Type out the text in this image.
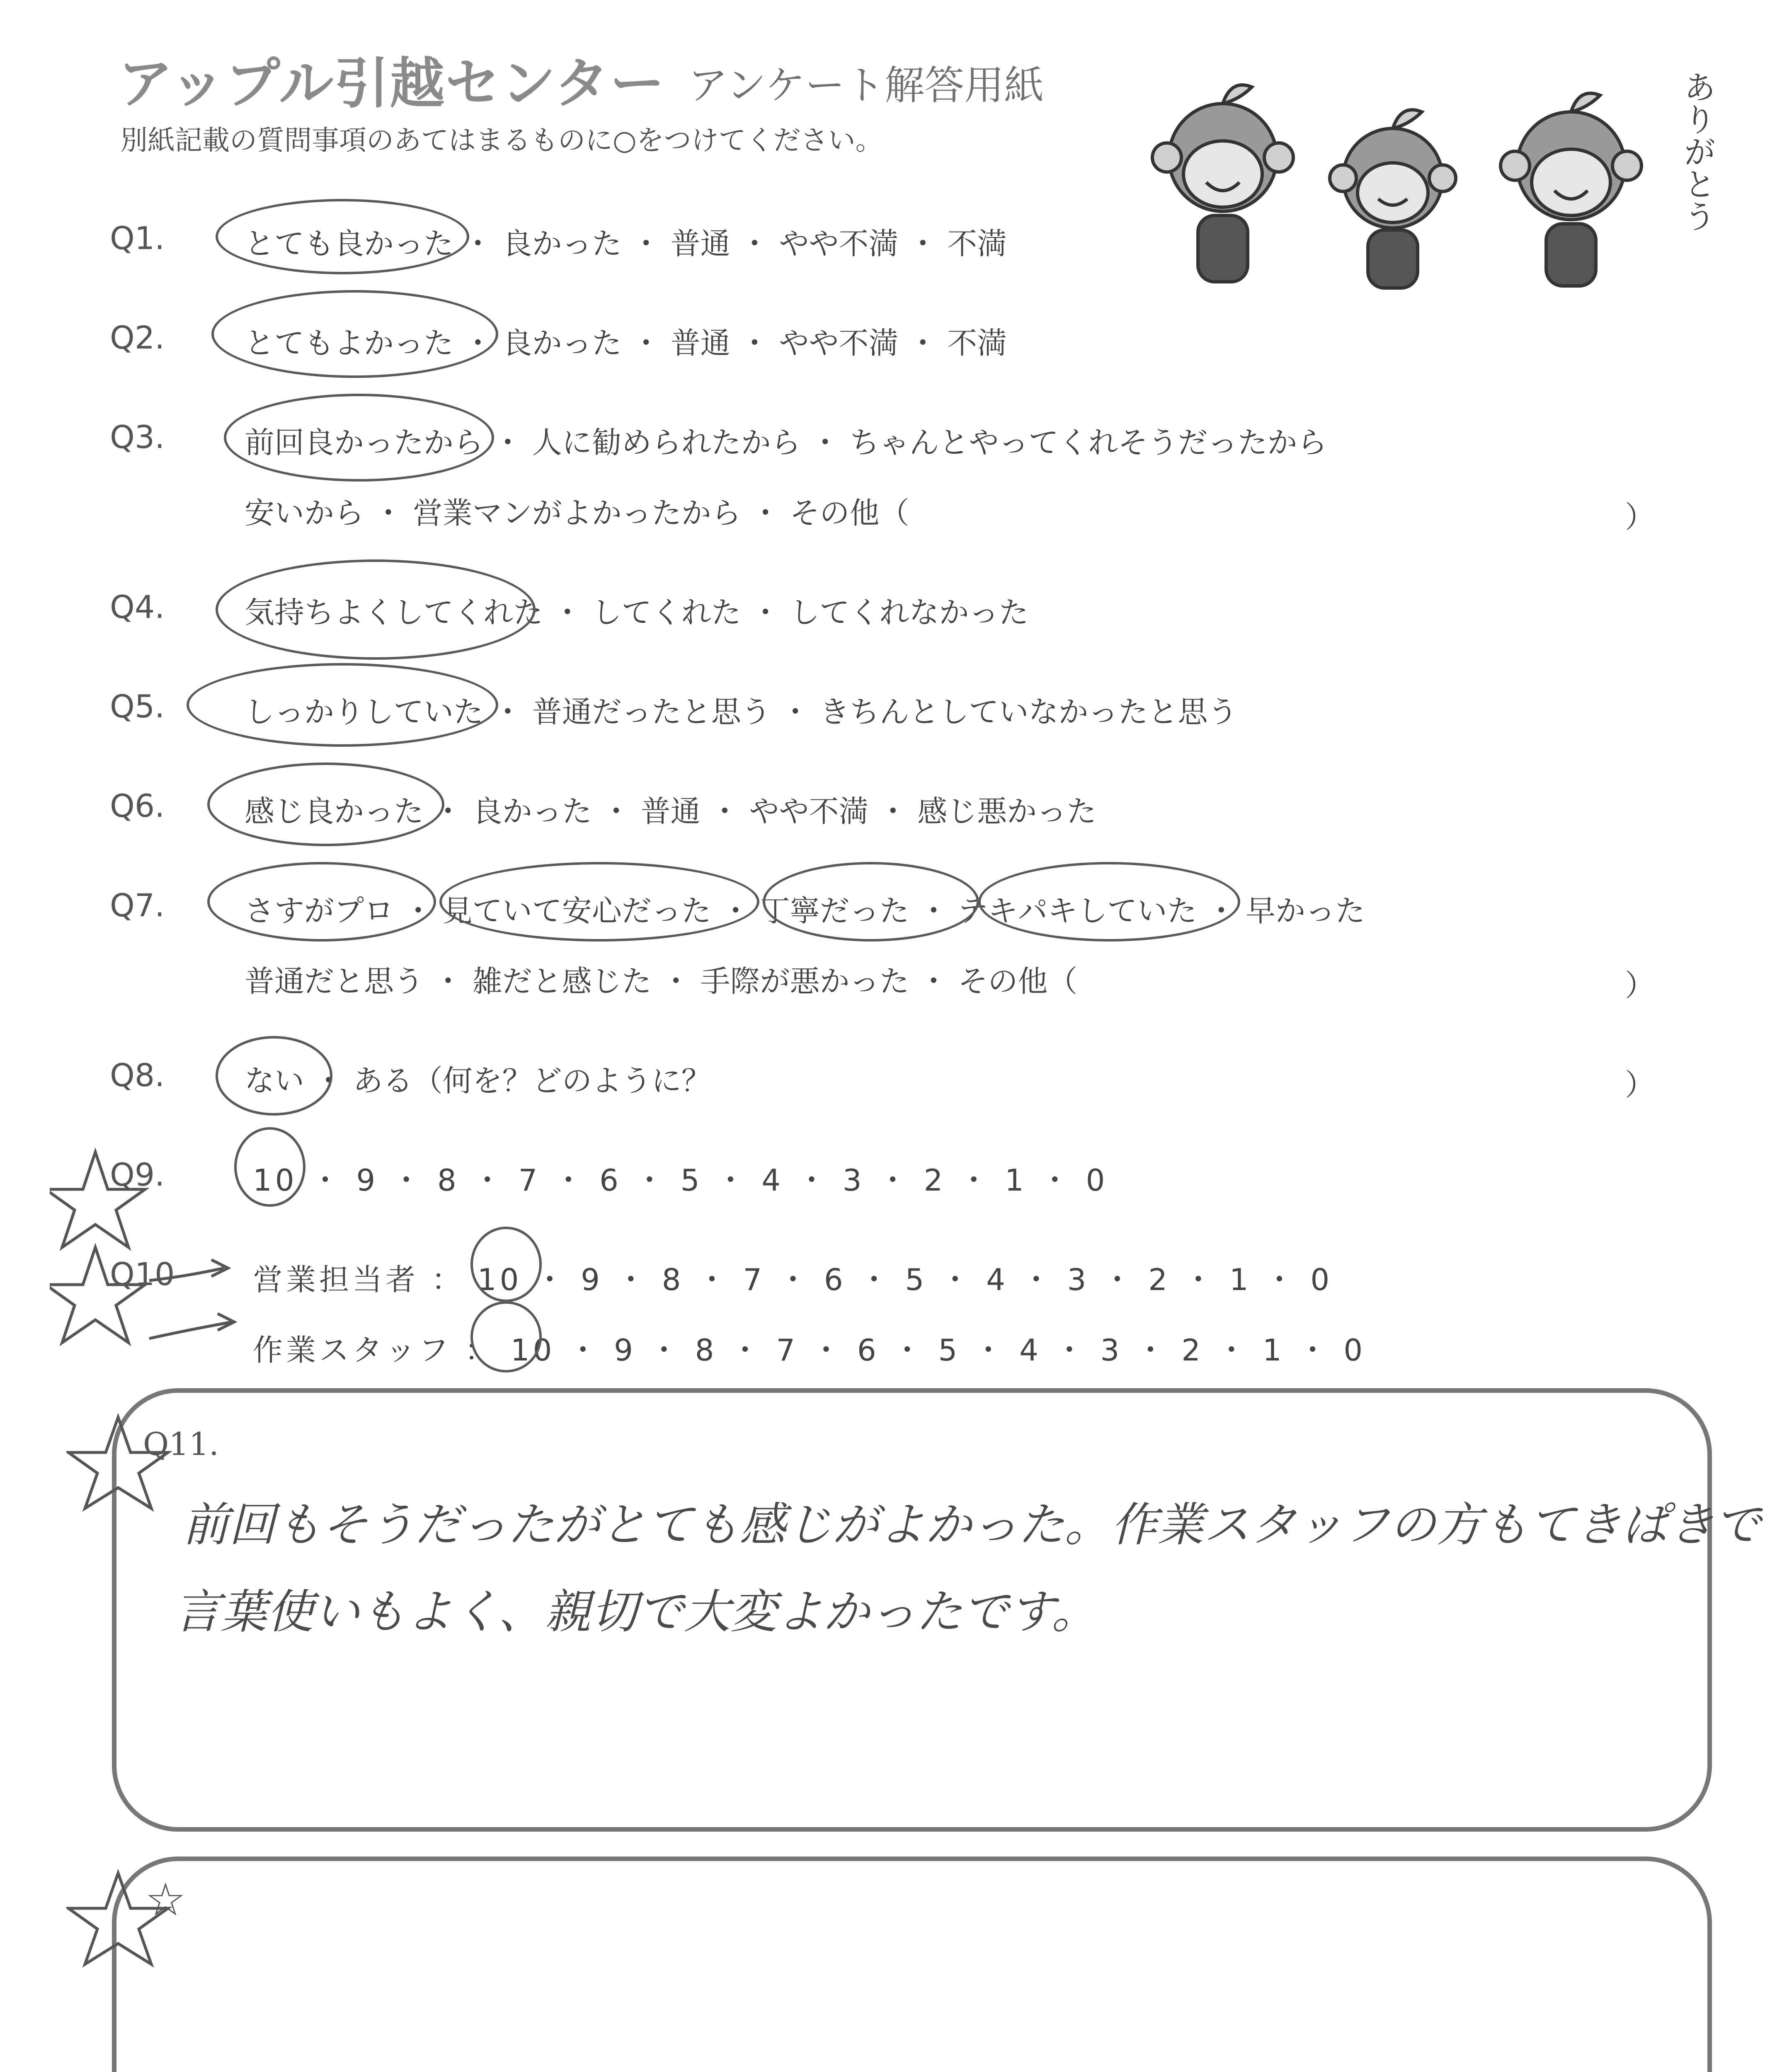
アップル引越センター アンケート解答用紙
別紙記載の質問事項のあてはまるものに○をつけてください。	ありがとう
Q1.	とても良かった ・ 良かった ・ 普通 ・ やや不満 ・ 不満
Q2.	とてもよかった ・ 良かった ・ 普通 ・ やや不満 ・ 不満
Q3.	前回良かったから ・ 人に勧められたから ・ ちゃんとやってくれそうだったから
安いから ・ 営業マンがよかったから ・ その他（	）
Q4.	気持ちよくしてくれた ・ してくれた ・ してくれなかった
Q5.	しっかりしていた ・ 普通だったと思う ・ きちんとしていなかったと思う
Q6.	感じ良かった ・ 良かった ・ 普通 ・ やや不満 ・ 感じ悪かった
Q7.	さすがプロ ・ 見ていて安心だった ・ 丁寧だった ・ テキパキしていた ・ 早かった
普通だと思う ・ 雑だと感じた ・ 手際が悪かった ・ その他（	）
Q8.	ない ・ ある（何を？どのように？	）
Q9.	10 ・ 9 ・ 8 ・ 7 ・ 6 ・ 5 ・ 4 ・ 3 ・ 2 ・ 1 ・ 0
Q10	営業担当者 ： 10 ・ 9 ・ 8 ・ 7 ・ 6 ・ 5 ・ 4 ・ 3 ・ 2 ・ 1 ・ 0
作業スタッフ ： 10 ・ 9 ・ 8 ・ 7 ・ 6 ・ 5 ・ 4 ・ 3 ・ 2 ・ 1 ・ 0
Q11.
前回もそうだったがとても感じがよかった。作業スタッフの方もてきぱきで
言葉使いもよく、親切で大変よかったです。
☆
